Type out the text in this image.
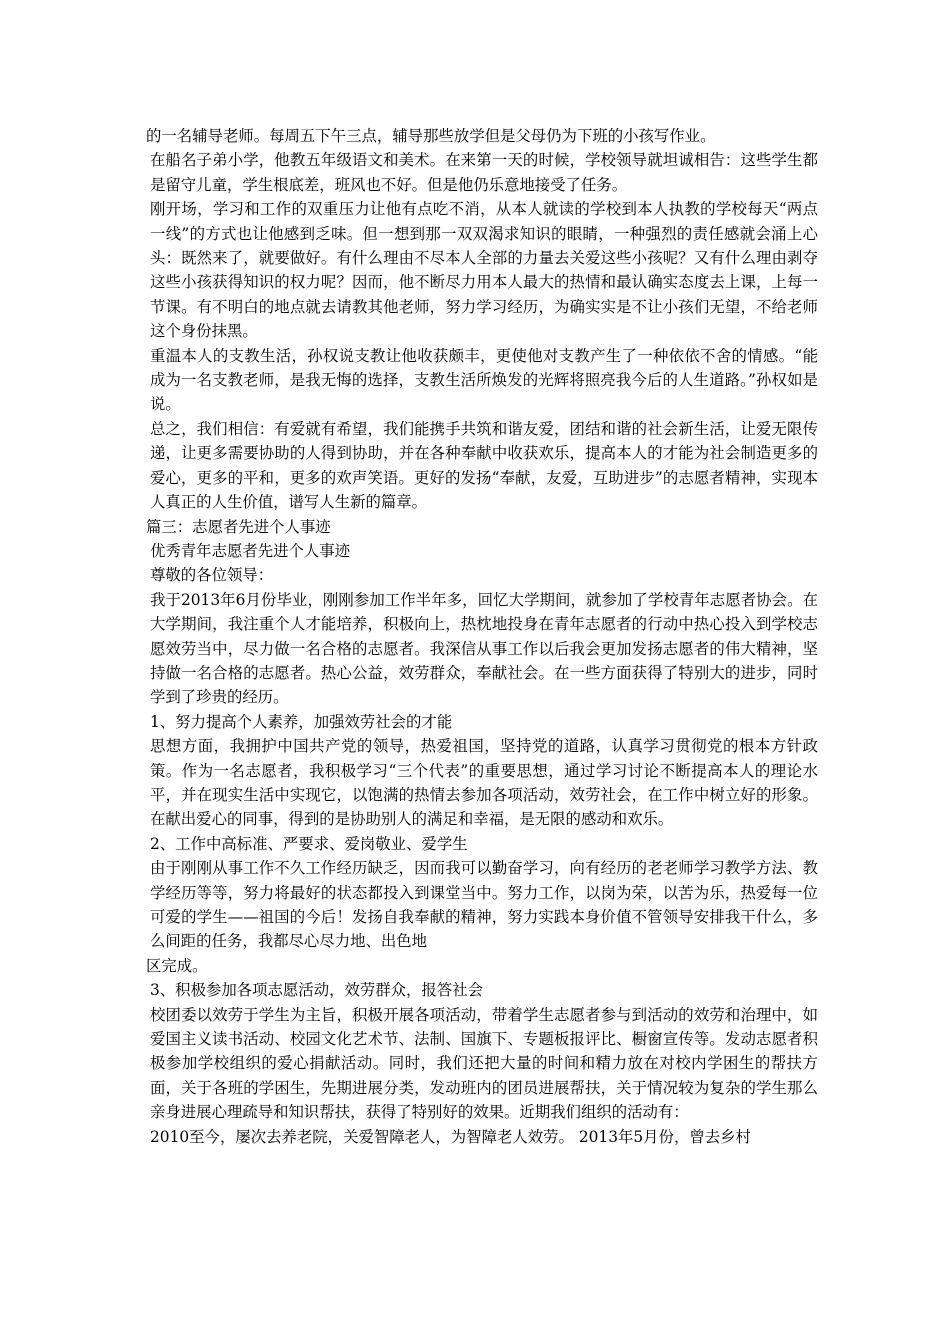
的一名辅导老师。每周五下午三点，辅导那些放学但是父母仍为下班的小孩写作业。

在船名子弟小学，他教五年级语文和美术。在来第一天的时候，学校领导就坦诚相告：这些学生都是留守儿童，学生根底差，班风也不好。但是他仍乐意地接受了任务。

刚开场，学习和工作的双重压力让他有点吃不消，从本人就读的学校到本人执教的学校每天“两点一线”的方式也让他感到乏味。但一想到那一双双渴求知识的眼睛，一种强烈的责任感就会涌上心头：既然来了，就要做好。有什么理由不尽本人全部的力量去关爱这些小孩呢？又有什么理由剥夺这些小孩获得知识的权力呢？因而，他不断尽力用本人最大的热情和最认确实态度去上课，上每一节课。有不明白的地点就去请教其他老师，努力学习经历，为确实实是不让小孩们无望，不给老师这个身份抹黑。

重温本人的支教生活，孙权说支教让他收获颇丰，更使他对支教产生了一种依依不舍的情感。“能成为一名支教老师，是我无悔的选择，支教生活所焕发的光辉将照亮我今后的人生道路。”孙权如是说。

总之，我们相信：有爱就有希望，我们能携手共筑和谐友爱，团结和谐的社会新生活，让爱无限传递，让更多需要协助的人得到协助，并在各种奉献中收获欢乐，提高本人的才能为社会制造更多的爱心，更多的平和，更多的欢声笑语。更好的发扬“奉献，友爱，互助进步”的志愿者精神，实现本人真正的人生价值，谱写人生新的篇章。

篇三：志愿者先进个人事迹

优秀青年志愿者先进个人事迹

尊敬的各位领导：

我于2013年6月份毕业，刚刚参加工作半年多，回忆大学期间，就参加了学校青年志愿者协会。在大学期间，我注重个人才能培养，积极向上，热枕地投身在青年志愿者的行动中热心投入到学校志愿效劳当中，尽力做一名合格的志愿者。我深信从事工作以后我会更加发扬志愿者的伟大精神，坚持做一名合格的志愿者。热心公益，效劳群众，奉献社会。在一些方面获得了特别大的进步，同时学到了珍贵的经历。

1、努力提高个人素养，加强效劳社会的才能

思想方面，我拥护中国共产党的领导，热爱祖国，坚持党的道路，认真学习贯彻党的根本方针政策。作为一名志愿者，我积极学习“三个代表”的重要思想，通过学习讨论不断提高本人的理论水平，并在现实生活中实现它，以饱满的热情去参加各项活动，效劳社会，在工作中树立好的形象。在献出爱心的同事，得到的是协助别人的满足和幸福，是无限的感动和欢乐。

2、工作中高标准、严要求、爱岗敬业、爱学生

由于刚刚从事工作不久工作经历缺乏，因而我可以勤奋学习，向有经历的老老师学习教学方法、教学经历等等，努力将最好的状态都投入到课堂当中。努力工作，以岗为荣，以苦为乐，热爱每一位可爱的学生——祖国的今后！发扬自我奉献的精神，努力实践本身价值不管领导安排我干什么，多么间距的任务，我都尽心尽力地、出色地

区完成。

3、积极参加各项志愿活动，效劳群众，报答社会

校团委以效劳于学生为主旨，积极开展各项活动，带着学生志愿者参与到活动的效劳和治理中，如爱国主义读书活动、校园文化艺术节、法制、国旗下、专题板报评比、橱窗宣传等。发动志愿者积极参加学校组织的爱心捐献活动。同时，我们还把大量的时间和精力放在对校内学困生的帮扶方面，关于各班的学困生，先期进展分类，发动班内的团员进展帮扶，关于情况较为复杂的学生那么亲身进展心理疏导和知识帮扶，获得了特别好的效果。近期我们组织的活动有：

2010至今，屡次去养老院，关爱智障老人，为智障老人效劳。 2013年5月份，曾去乡村
